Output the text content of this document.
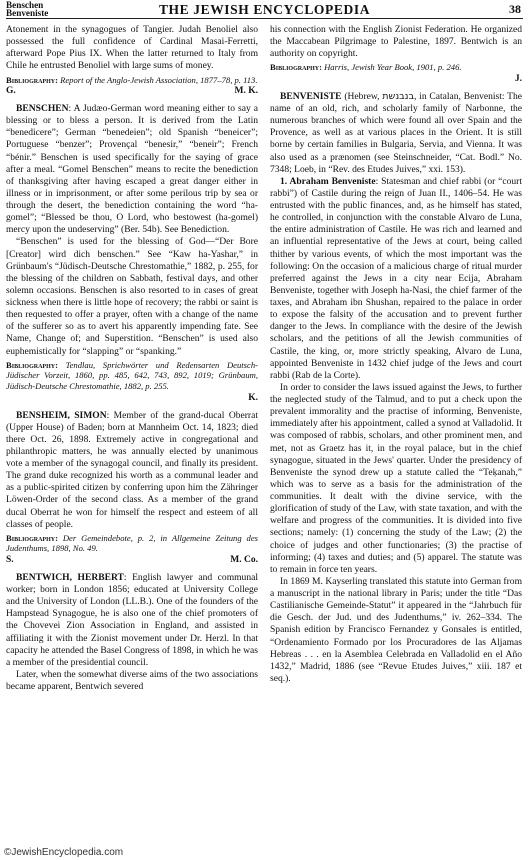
Benschen
Benveniste	THE JEWISH ENCYCLOPEDIA	38

Atonement in the synagogues of Tangier. Judah Benoliel also possessed the full confidence of Cardinal Masai-Ferretti, afterward Pope Pius IX. When the latter returned to Italy from Chile he entrusted Benoliel with large sums of money.

Bibliography: Report of the Anglo-Jewish Association, 1877–78, p. 113.

G.	M. K.

BENSCHEN: A Judæo-German word meaning either to say a blessing or to bless a person. It is derived from the Latin “benedicere”; German “benedeien”; old Spanish “beneicer”; Portuguese “benzer”; Provençal “benesir,” “beneir”; French “bénir.” Benschen is used specifically for the saying of grace after a meal. “Gomel Benschen” means to recite the benediction of thanksgiving after having escaped a great danger either in illness or in imprisonment, or after some perilous trip by sea or through the desert, the benediction containing the word “ha-gomel”; “Blessed be thou, O Lord, who bestowest (ha-gomel) mercy upon the undeserving” (Ber. 54b). See Benediction.

“Benschen” is used for the blessing of God—“Der Bore [Creator] wird dich benschen.” See “Kaw ha-Yashar,” in Grünbaum's “Jüdisch-Deutsche Chrestomathie,” 1882, p. 255, for the blessing of the children on Sabbath, festival days, and other solemn occasions. Benschen is also resorted to in cases of great sickness when there is little hope of recovery; the rabbi or saint is then requested to offer a prayer, often with a change of the name of the sufferer so as to avert his apparently impending fate. See Name, Change of; and Superstition. “Benschen” is used also euphemistically for “slapping” or “spanking.”

Bibliography: Tendlau, Sprichwörter und Redensarten Deutsch-Jüdischer Vorzeit, 1860, pp. 485, 642, 743, 892, 1019; Grünbaum, Jüdisch-Deutsche Chrestomathie, 1882, p. 255.

K.

BENSHEIM, SIMON: Member of the grand-ducal Oberrat (Upper House) of Baden; born at Mannheim Oct. 14, 1823; died there Oct. 26, 1898. Extremely active in congregational and philanthropic matters, he was annually elected by unanimous vote a member of the synagogal council, and finally its president. The grand duke recognized his worth as a communal leader and as a public-spirited citizen by conferring upon him the Zähringer Löwen-Order of the second class. As a member of the grand ducal Oberrat he won for himself the respect and esteem of all classes of people.

Bibliography: Der Gemeindebote, p. 2, in Allgemeine Zeitung des Judenthums, 1898, No. 49.

S.	M. Co.

BENTWICH, HERBERT: English lawyer and communal worker; born in London 1856; educated at University College and the University of London (LL.B.). One of the founders of the Hampstead Synagogue, he is also one of the chief promoters of the Chovevei Zion Association in England, and assisted in affiliating it with the Zionist movement under Dr. Herzl. In that capacity he attended the Basel Congress of 1898, in which he was a member of the presidential council.

Later, when the somewhat diverse aims of the two associations became apparent, Bentwich severed

his connection with the English Zionist Federation. He organized the Maccabean Pilgrimage to Palestine, 1897. Bentwich is an authority on copyright.

Bibliography: Harris, Jewish Year Book, 1901, p. 246.

J.

BENVENISTE (Hebrew, בנבנשת, in Catalan, Benvenist: The name of an old, rich, and scholarly family of Narbonne, the numerous branches of which were found all over Spain and the Provence, as well as at various places in the Orient. It is still borne by certain families in Bulgaria, Servia, and Vienna. It was also used as a prænomen (see Steinschneider, “Cat. Bodl.” No. 7348; Loeb, in “Rev. des Etudes Juives,” xxi. 153).

1. Abraham Benveniste: Statesman and chief rabbi (or “court rabbi”) of Castile during the reign of Juan II., 1406–54. He was entrusted with the public finances, and, as he himself has stated, he controlled, in conjunction with the constable Alvaro de Luna, the entire administration of Castile. He was rich and learned and an influential representative of the Jews at court, being called thither by various events, of which the most important was the following: On the occasion of a malicious charge of ritual murder preferred against the Jews in a city near Ecija, Abraham Benveniste, together with Joseph ha-Nasi, the chief farmer of the taxes, and Abraham ibn Shushan, repaired to the palace in order to expose the falsity of the accusation and to prevent further danger to the Jews. In compliance with the desire of the Jewish scholars, and the petitions of all the Jewish communities of Castile, the king, or, more strictly speaking, Alvaro de Luna, appointed Benveniste in 1432 chief judge of the Jews and court rabbi (Rab de la Corte).

In order to consider the laws issued against the Jews, to further the neglected study of the Talmud, and to put a check upon the prevalent immorality and the practise of informing, Benveniste, immediately after his appointment, called a synod at Valladolid. It was composed of rabbis, scholars, and other prominent men, and met, not as Graetz has it, in the royal palace, but in the chief synagogue, situated in the Jews' quarter. Under the presidency of Benveniste the synod drew up a statute called the “Teḳanah,” which was to serve as a basis for the administration of the communities. It dealt with the divine service, with the glorification of study of the Law, with state taxation, and with the welfare and progress of the communities. It is divided into five sections; namely: (1) concerning the study of the Law; (2) the choice of judges and other functionaries; (3) the practise of informing; (4) taxes and duties; and (5) apparel. The statute was to remain in force ten years.

In 1869 M. Kayserling translated this statute into German from a manuscript in the national library in Paris; under the title “Das Castilianische Gemeinde-Statut” it appeared in the “Jahrbuch für die Gesch. der Jud. und des Judenthums,” iv. 262–334. The Spanish edition by Francisco Fernandez y Gonsales is entitled, “Ordenamiento Formado por los Procuradores de las Aljamas Hebreas . . . en la Asemblea Celebrada en Valladolid en el Año 1432,” Madrid, 1886 (see “Revue Etudes Juives,” xiii. 187 et seq.).

©JewishEncyclopedia.com
